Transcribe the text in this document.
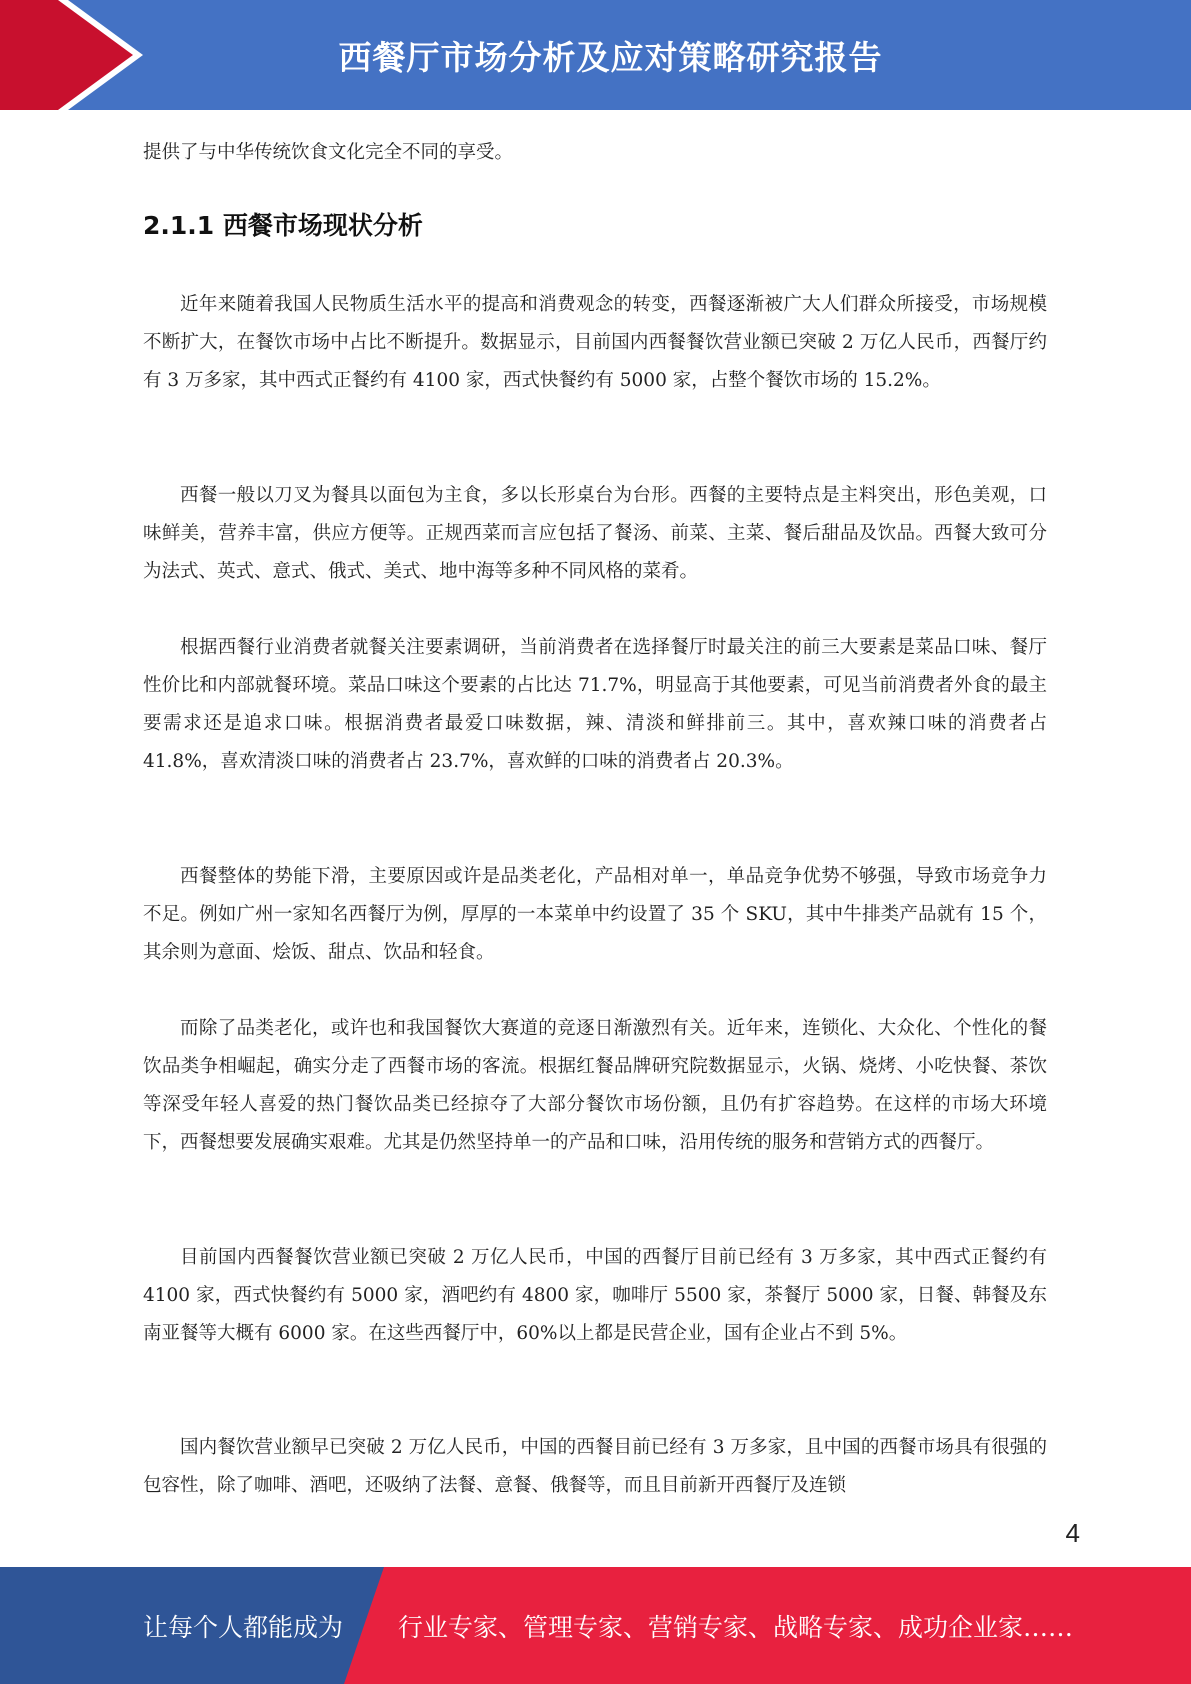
西餐厅市场分析及应对策略研究报告

提供了与中华传统饮食文化完全不同的享受。

2.1.1 西餐市场现状分析

近年来随着我国人民物质生活水平的提高和消费观念的转变，西餐逐渐被广大人们群众所接受，市场规模不断扩大，在餐饮市场中占比不断提升。数据显示，目前国内西餐餐饮营业额已突破 2 万亿人民币，西餐厅约有 3 万多家，其中西式正餐约有 4100 家，西式快餐约有 5000 家，占整个餐饮市场的 15.2%。

西餐一般以刀叉为餐具以面包为主食，多以长形桌台为台形。西餐的主要特点是主料突出，形色美观，口味鲜美，营养丰富，供应方便等。正规西菜而言应包括了餐汤、前菜、主菜、餐后甜品及饮品。西餐大致可分为法式、英式、意式、俄式、美式、地中海等多种不同风格的菜肴。

根据西餐行业消费者就餐关注要素调研，当前消费者在选择餐厅时最关注的前三大要素是菜品口味、餐厅性价比和内部就餐环境。菜品口味这个要素的占比达 71.7%，明显高于其他要素，可见当前消费者外食的最主要需求还是追求口味。根据消费者最爱口味数据，辣、清淡和鲜排前三。其中，喜欢辣口味的消费者占 41.8%，喜欢清淡口味的消费者占 23.7%，喜欢鲜的口味的消费者占 20.3%。

西餐整体的势能下滑，主要原因或许是品类老化，产品相对单一，单品竞争优势不够强，导致市场竞争力不足。例如广州一家知名西餐厅为例，厚厚的一本菜单中约设置了 35 个 SKU，其中牛排类产品就有 15 个，其余则为意面、烩饭、甜点、饮品和轻食。

而除了品类老化，或许也和我国餐饮大赛道的竞逐日渐激烈有关。近年来，连锁化、大众化、个性化的餐饮品类争相崛起，确实分走了西餐市场的客流。根据红餐品牌研究院数据显示，火锅、烧烤、小吃快餐、茶饮等深受年轻人喜爱的热门餐饮品类已经掠夺了大部分餐饮市场份额，且仍有扩容趋势。在这样的市场大环境下，西餐想要发展确实艰难。尤其是仍然坚持单一的产品和口味，沿用传统的服务和营销方式的西餐厅。

目前国内西餐餐饮营业额已突破 2 万亿人民币，中国的西餐厅目前已经有 3 万多家，其中西式正餐约有 4100 家，西式快餐约有 5000 家，酒吧约有 4800 家，咖啡厅 5500 家，茶餐厅 5000 家，日餐、韩餐及东南亚餐等大概有 6000 家。在这些西餐厅中，60%以上都是民营企业，国有企业占不到 5%。

国内餐饮营业额早已突破 2 万亿人民币，中国的西餐目前已经有 3 万多家，且中国的西餐市场具有很强的包容性，除了咖啡、酒吧，还吸纳了法餐、意餐、俄餐等，而且目前新开西餐厅及连锁

4
让每个人都能成为 行业专家、管理专家、营销专家、战略专家、成功企业家……
